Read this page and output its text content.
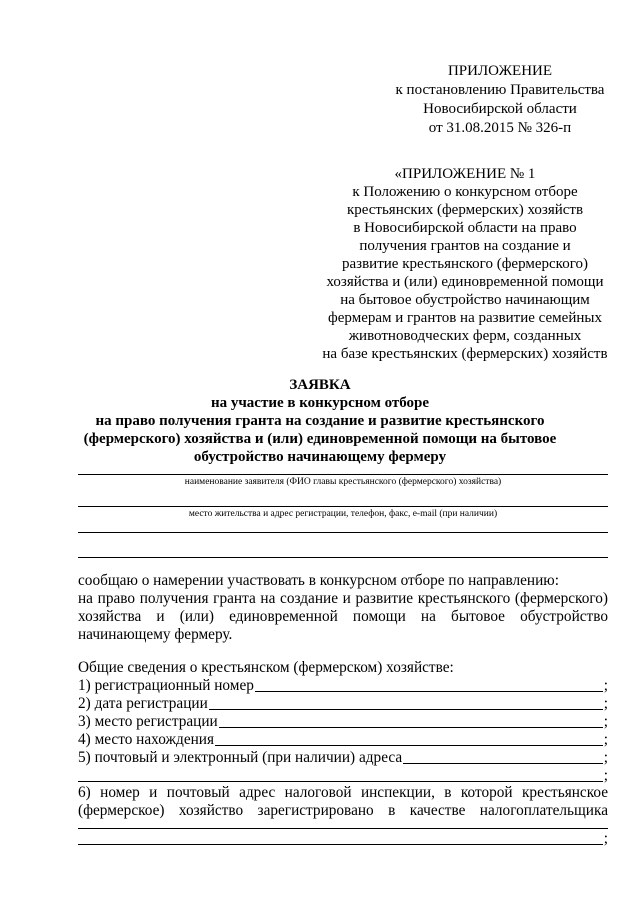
ПРИЛОЖЕНИЕ
к постановлению Правительства
Новосибирской области
от 31.08.2015 № 326-п
«ПРИЛОЖЕНИЕ № 1
к Положению о конкурсном отборе
крестьянских (фермерских) хозяйств
в Новосибирской области на право
получения грантов на создание и
развитие крестьянского (фермерского)
хозяйства и (или) единовременной помощи
на бытовое обустройство начинающим
фермерам и грантов на развитие семейных
животноводческих ферм, созданных
на базе крестьянских (фермерских) хозяйств
ЗАЯВКА
на участие в конкурсном отборе
на право получения гранта на создание и развитие крестьянского
(фермерского) хозяйства и (или) единовременной помощи на бытовое
обустройство начинающему фермеру
наименование заявителя (ФИО главы крестьянского (фермерского) хозяйства)
место жительства и адрес регистрации, телефон, факс, e-mail (при наличии)
сообщаю о намерении участвовать в конкурсном отборе по направлению:
на право получения гранта на создание и развитие крестьянского (фермерского)
хозяйства и (или) единовременной помощи на бытовое обустройство
начинающему фермеру.
Общие сведения о крестьянском (фермерском) хозяйстве:
1) регистрационный номер	;
2) дата регистрации	;
3) место регистрации	;
4) место нахождения	;
5) почтовый и электронный (при наличии) адреса	;
;
6) номер и почтовый адрес налоговой инспекции, в которой крестьянское
(фермерское) хозяйство зарегистрировано в качестве налогоплательщика
;
